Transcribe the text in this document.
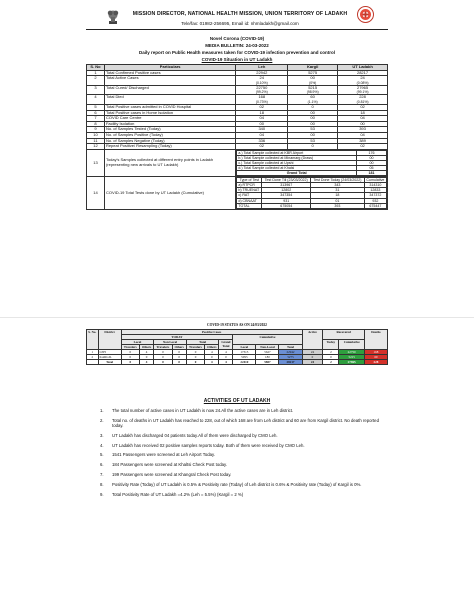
MISSION DIRECTOR, NATIONAL HEALTH MISSION, UNION TERRITORY OF LADAKH
Tele/fax: 01982-256695, Email id: nhmladakh@gmail.com
Novel Corona (COVID-19)
MEDIA BULLETIN: 24-03-2022
Daily report on Public Health measures taken for COVID-19 infection prevention and control
COVID-19 Situation in UT Ladakh
S. No	Particulars	Leh	Kargil	UT Ladakh
1	Total Confirmed Positive cases	22942	5275	28217

2	Total Active Cases	24
(0.10%)

00
(0%)

24
(0.08%)

3	Total Cured/ Discharged	22750
(99.2%)

5215
(98.9%)

27965
(99.1%)

4	Total Died	168
(0.73%)

60
(1.1%)

228
(0.81%)

5	Total Positive cases admitted in COVID Hospital	02	0	02

6	Total Positive cases in Home Isolation	18	00	18

7	COVID Care Centre	04	00	04

8	Facility Isolation	00	00	00

9	No. of Samples Tested (Today)	340	53	393

10	No. of Samples Positive (Today)	04	00	04

11	No. of Samples Negative (Today)	336	53	389

12	Repeat Positive/ Resampling (Today)	02	0	02

13	Today's Samples collected at different entry points in Ladakh (representing new arrivals to UT Ladakh)	
a.) Total Sample collected at KBR Airport	176
b.) Total Sample collected at Minamarg (Drass)	00
c.) Total Sample collected at Upshi	00
d.) Total Sample collected at Khalsi	05
Grand Total	181

14	COVID-19 Total Tests done by UT Ladakh (Cumulative)	
Type of Test	Test Done Till (23/03/2022)	Test Done Today (24/03/2022)	Cumulative
a) RTPCR	313967	343	314310
b) TRUENAT	12802	31	12833
c) RAT	347354	18	347372
d) CBNAAT	931	01	932
TOTAL	675054	393	675447
COVID-19 STATUS AS ON 24/03/2022
S. No.	District	Positive Cases										Active	Recovered		Deaths
		TODAY							Cumulative						
		Local		Non Local		Total		Grand Total					Today	Cumulative	
		Travelers	Others	Travelers	Others	Travelers	Others		Local	Non-Local	Total				
1	LEH	0	4	0	0	0	4	4	17315	5627	22942	24	2	22750	168
2	KARGIL	0	0	0	0	0	0	0	5095	180	5275	0	0	5215	60
	Total	0	4	0	0	0	4	4	22410	5807	28217	24	2	27965	228
ACTIVITIES OF UT LADAKH
1.	The total number of active cases in UT Ladakh is now 24.All the active cases are in Leh district.
2.	Total no. of deaths in UT Ladakh has reached to 228, out of which 168 are from Leh district and 60 are from Kargil district. No death reported today.
3.	UT Ladakh has discharged 04 patients today.All of them were discharged by CMO Leh.
4.	UT Ladakh has received 02 positive samples reports today. Both of them were received by CMO Leh.
5.	1541 Passengers were screened at Leh Airport Today.
6.	184 Passengers were screened at Khaltsi Check Post today.
7.	199 Passengers were screened at Khangral Check Post today.
8.	Positivity Rate (Today) of UT Ladakh is 0.5% & Positivity rate (Today) of Leh district is 0.6% & Positivity rate (Today) of Kargil is 0%.
9.	Total Positivity Rate of UT Ladakh =4.2% (Leh = 5.5%) (Kargil = 2 %)
